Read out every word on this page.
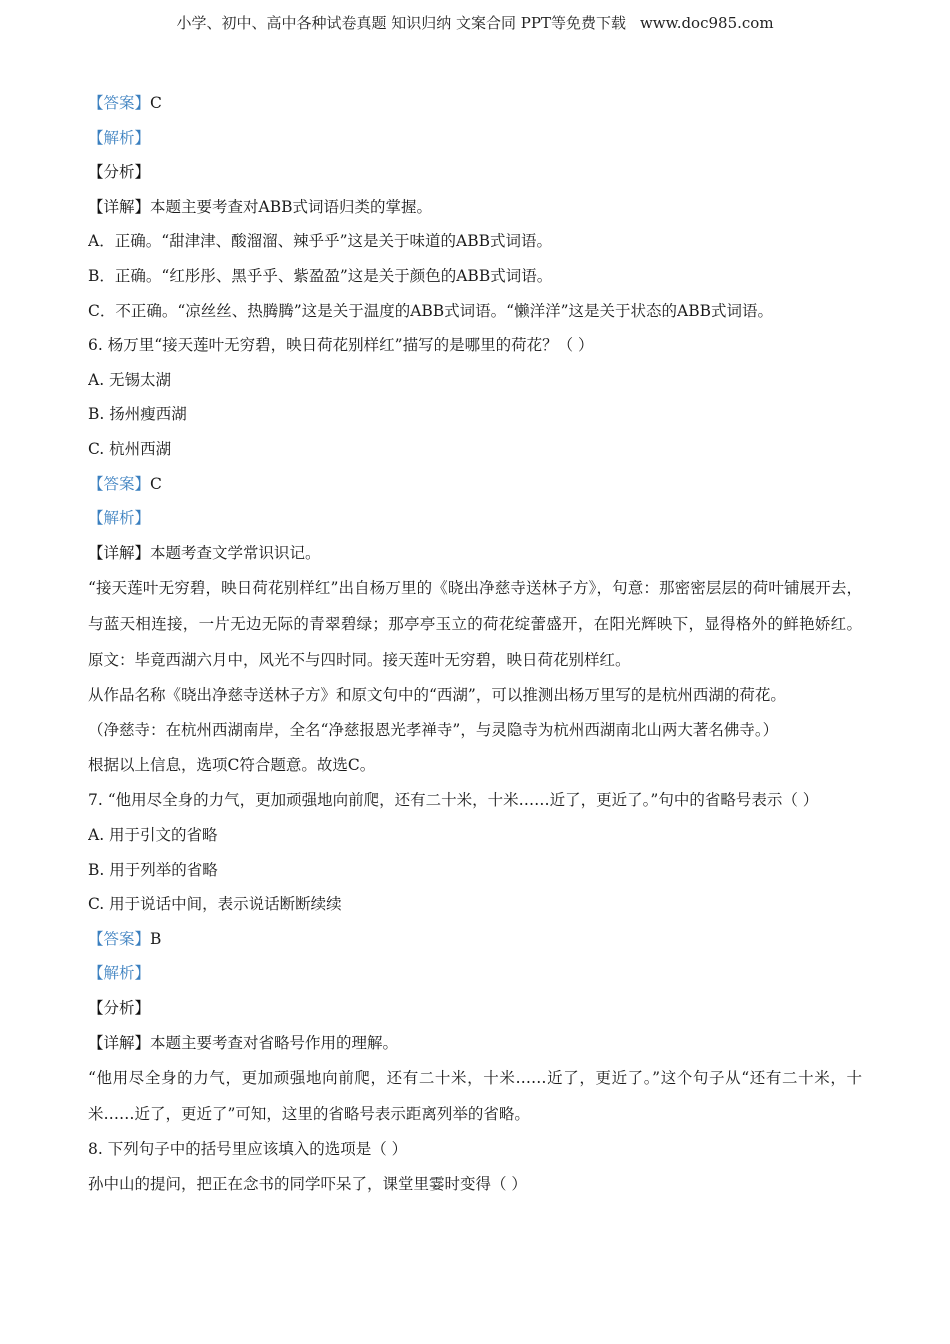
小学、初中、高中各种试卷真题 知识归纳 文案合同 PPT等免费下载 www.doc985.com
【答案】C
【解析】
【分析】
【详解】本题主要考查对ABB式词语归类的掌握。
A．正确。“甜津津、酸溜溜、辣乎乎”这是关于味道的ABB式词语。
B．正确。“红彤彤、黑乎乎、紫盈盈”这是关于颜色的ABB式词语。
C．不正确。“凉丝丝、热腾腾”这是关于温度的ABB式词语。“懒洋洋”这是关于状态的ABB式词语。
6. 杨万里“接天莲叶无穷碧，映日荷花别样红”描写的是哪里的荷花？（ ）
A. 无锡太湖
B. 扬州瘦西湖
C. 杭州西湖
【答案】C
【解析】
【详解】本题考查文学常识识记。
“接天莲叶无穷碧，映日荷花别样红”出自杨万里的《晓出净慈寺送林子方》，句意：那密密层层的荷叶铺展开去，与蓝天相连接，一片无边无际的青翠碧绿；那亭亭玉立的荷花绽蕾盛开，在阳光辉映下，显得格外的鲜艳娇红。原文：毕竟西湖六月中，风光不与四时同。接天莲叶无穷碧，映日荷花别样红。
从作品名称《晓出净慈寺送林子方》和原文句中的“西湖”，可以推测出杨万里写的是杭州西湖的荷花。
（净慈寺：在杭州西湖南岸，全名“净慈报恩光孝禅寺”，与灵隐寺为杭州西湖南北山两大著名佛寺。）
根据以上信息，选项C符合题意。故选C。
7. “他用尽全身的力气，更加顽强地向前爬，还有二十米，十米……近了，更近了。”句中的省略号表示（ ）
A. 用于引文的省略
B. 用于列举的省略
C. 用于说话中间，表示说话断断续续
【答案】B
【解析】
【分析】
【详解】本题主要考查对省略号作用的理解。
“他用尽全身的力气，更加顽强地向前爬，还有二十米，十米……近了，更近了。”这个句子从“还有二十米，十米……近了，更近了”可知，这里的省略号表示距离列举的省略。
8. 下列句子中的括号里应该填入的选项是（ ）
孙中山的提问，把正在念书的同学吓呆了，课堂里霎时变得（ ）
